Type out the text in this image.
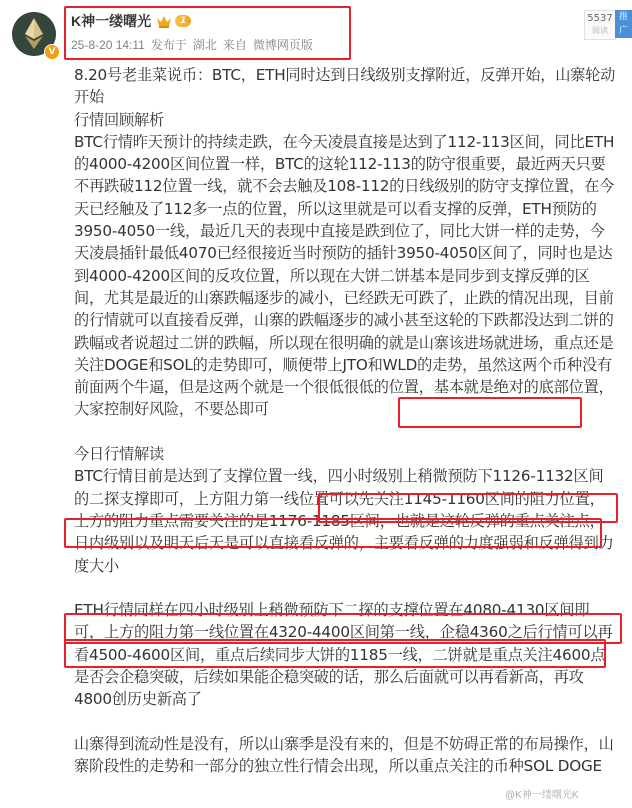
V
K神一缕曙光	1
25-8-20 14:11 发布于 湖北 来自 微博网页版
5537
阅读
推广

8.20号老韭菜说币：BTC，ETH同时达到日线级别支撑附近，反弹开始，山寨轮动开始

行情回顾解析

BTC行情昨天预计的持续走跌，在今天凌晨直接是达到了112-113区间，同比ETH的4000-4200区间位置一样，BTC的这轮112-113的防守很重要，最近两天只要不再跌破112位置一线，就不会去触及108-112的日线级别的防守支撑位置，在今天已经触及了112多一点的位置，所以这里就是可以看支撑的反弹，ETH预防的3950-4050一线，最近几天的表现中直接是跌到位了，同比大饼一样的走势，今天凌晨插针最低4070已经很接近当时预防的插针3950-4050区间了，同时也是达到4000-4200区间的反攻位置，所以现在大饼二饼基本是同步到支撑反弹的区间，尤其是最近的山寨跌幅逐步的减小，已经跌无可跌了，止跌的情况出现，目前的行情就可以直接看反弹，山寨的跌幅逐步的减小甚至这轮的下跌都没达到二饼的跌幅或者说超过二饼的跌幅，所以现在很明确的就是山寨该进场就进场，重点还是关注DOGE和SOL的走势即可，顺便带上JTO和WLD的走势，虽然这两个币种没有前面两个牛逼，但是这两个就是一个很低很低的位置，基本就是绝对的底部位置，大家控制好风险，不要怂即可

今日行情解读

BTC行情目前是达到了支撑位置一线，四小时级别上稍微预防下1126-1132区间的二探支撑即可，上方阻力第一线位置可以先关注1145-1160区间的阻力位置，上方的阻力重点需要关注的是1176-1185区间，也就是这轮反弹的重点关注点，日内级别以及明天后天是可以直接看反弹的，主要看反弹的力度强弱和反弹得到力度大小

ETH行情同样在四小时级别上稍微预防下二探的支撑位置在4080-4130区间即可，上方的阻力第一线位置在4320-4400区间第一线，企稳4360之后行情可以再看4500-4600区间，重点后续同步大饼的1185一线，二饼就是重点关注4600点是否会企稳突破，后续如果能企稳突破的话，那么后面就可以再看新高，再攻4800创历史新高了

山寨得到流动性是没有，所以山寨季是没有来的，但是不妨碍正常的布局操作，山寨阶段性的走势和一部分的独立性行情会出现，所以重点关注的币种SOL DOGE

@K神一缕曙光K
